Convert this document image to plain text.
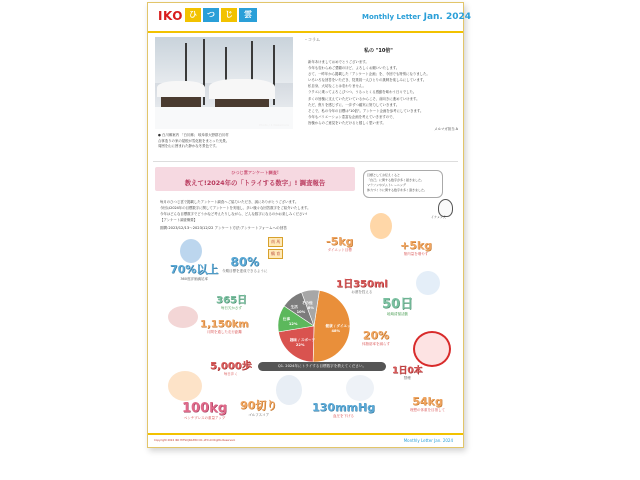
IKO ひ	つ	じ	雲	Monthly Letter Jan. 2024
Photo / 1 Nakamura
● 白川郷案内 「白川郷」 岐阜県大野郡白川村
合掌造りの家の屋根が雪化粧をまとった光景。
周囲を山に囲まれた静かな冬景色です。
・コラム
私の "10倍"

新年あけましておめでとうございます。

今年も変わらぬご愛顧のほど、よろしくお願いいたします。

さて、一昨年から掲載した「アンケート企画」を、今回でも特別になりました。

いろいろな回答をいただき、従業員一人ひとりの挑戦を楽しみにしています。

私自身、大切なことは変わりません。

ラクエに乗ってよろこびつつ、うるっとくる感動を味わう日々でした。

多くの皆様に支えていただいているからこそ、前向きに進めていけます。

ただ、焦りを感じずに、一歩ずつ確実に努力していきます。

そこで、私の今年の目標は"10倍"。アンケート企画を参考にしていきます。

今年もバリエーション豊富な企画を考えていきますので、

皆様からのご意見をいただけると嬉しく思います。

メルマガ担当 A

ひつじ雲アンケート調査!
教えて!2024年の「トライする数字」! 調査報告

目標としてお伝えくると

「自己」に関する数字が多く届きました。

マラソンやジムトレーニング

体力づくりに関する数字を多く頂きました。

イケメン犬

毎月のひつじ雲で掲載したアンケート調査へご協力いただき、誠にありがとうございます。

今回は2024年の目標数字に関してアンケートを実施し、多い様々な回答数字をご紹介いたします。

今年はどんな目標数字でどうかなど考えたりしながら、どんな数字になるのかお楽しみください!

【アンケート調査概要】

期間:2023/12/13〜2023/12/22 アンケート方法:アンケートフォームへの回答
70%以上
360度評価満足率
80%
今期目標を達成できるように
南 馬
鶴 育
-5kg
ダイエット目標	+5kg
筋肉量を増やす
365日
毎日欠かさず
1日350ml
お酒を控える
50日
地域清掃活動
1,150km
月間を通した走行距離	20%
体脂肪率を減らす
5,000歩
毎日歩く	1日0本
禁煙
54kg
理想の体重を目指して
100kg
ベンチプレスの重量アップ
90切り
ゴルフスコア
130mmHg
血圧を下げる
健康 / ダイエット
48%
趣味 / スポーツ
22%
仕事
12%
生活
10%
その他
8%
Q1. 2024年にトライする目標数字を教えてください。
Copyright 2024 IKO HITSUJIGUMO CO.,LTD All Rights Reserved.	Monthly Letter Jan. 2024
